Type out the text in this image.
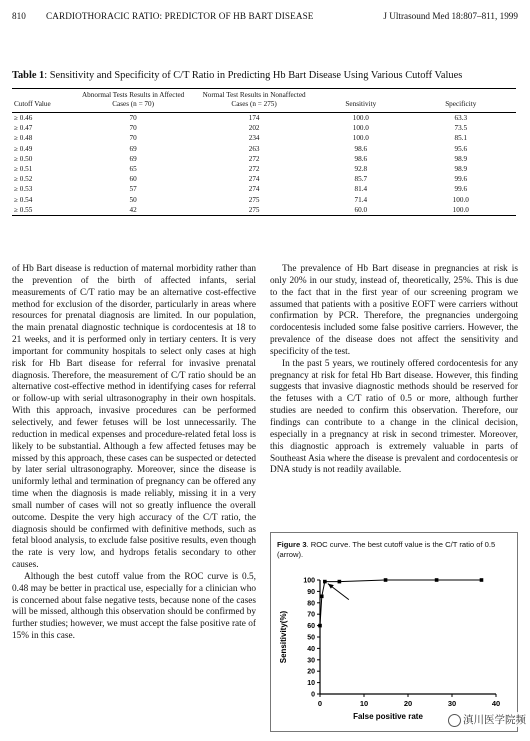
810 CARDIOTHORACIC RATIO: PREDICTOR OF HB BART DISEASE	J Ultrasound Med 18:807–811, 1999
Table 1: Sensitivity and Specificity of C/T Ratio in Predicting Hb Bart Disease Using Various Cutoff Values
Cutoff Value	Abnormal Tests Results in Affected Cases (n = 70)	Normal Test Results in Nonaffected Cases (n = 275)	Sensitivity	Specificity
≥ 0.46	70	174	100.0	63.3
≥ 0.47	70	202	100.0	73.5
≥ 0.48	70	234	100.0	85.1
≥ 0.49	69	263	98.6	95.6
≥ 0.50	69	272	98.6	98.9
≥ 0.51	65	272	92.8	98.9
≥ 0.52	60	274	85.7	99.6
≥ 0.53	57	274	81.4	99.6
≥ 0.54	50	275	71.4	100.0
≥ 0.55	42	275	60.0	100.0

of Hb Bart disease is reduction of maternal morbidity rather than the prevention of the birth of affected infants, serial measurements of C/T ratio may be an alternative cost-effective method for exclusion of the disorder, particularly in areas where resources for prenatal diagnosis are limited. In our population, the main prenatal diagnostic technique is cordocentesis at 18 to 21 weeks, and it is performed only in tertiary centers. It is very important for community hospitals to select only cases at high risk for Hb Bart disease for referral for invasive prenatal diagnosis. Therefore, the measurement of C/T ratio should be an alternative cost-effective method in identifying cases for referral or follow-up with serial ultrasonography in their own hospitals. With this approach, invasive procedures can be performed selectively, and fewer fetuses will be lost unnecessarily. The reduction in medical expenses and procedure-related fetal loss is likely to be substantial. Although a few affected fetuses may be missed by this approach, these cases can be suspected or detected by later serial ultrasonography. Moreover, since the disease is uniformly lethal and termination of pregnancy can be offered any time when the diagnosis is made reliably, missing it in a very small number of cases will not so greatly influence the overall outcome. Despite the very high accuracy of the C/T ratio, the diagnosis should be confirmed with definitive methods, such as fetal blood analysis, to exclude false positive results, even though the rate is very low, and hydrops fetalis secondary to other causes.

Although the best cutoff value from the ROC curve is 0.5, 0.48 may be better in practical use, especially for a clinician who is concerned about false negative tests, because none of the cases will be missed, although this observation should be confirmed by further studies; however, we must accept the false positive rate of 15% in this case.

The prevalence of Hb Bart disease in pregnancies at risk is only 20% in our study, instead of, theoretically, 25%. This is due to the fact that in the first year of our screening program we assumed that patients with a positive EOFT were carriers without confirmation by PCR. Therefore, the pregnancies undergoing cordocentesis included some false positive carriers. However, the prevalence of the disease does not affect the sensitivity and specificity of the test.

In the past 5 years, we routinely offered cordocentesis for any pregnancy at risk for fetal Hb Bart disease. However, this finding suggests that invasive diagnostic methods should be reserved for the fetuses with a C/T ratio of 0.5 or more, although further studies are needed to confirm this observation. Therefore, our findings can contribute to a change in the clinical decision, especially in a pregnancy at risk in second trimester. Moreover, this diagnostic approach is extremely valuable in parts of Southeast Asia where the disease is prevalent and cordocentesis or DNA study is not readily available.

Figure 3. ROC curve. The best cutoff value is the C/T ratio of 0.5 (arrow).
0
10
20
30
40
50
60
70
80
90
100
0	10	20	30	40
Sensitivity(%)
False positive rate	滇川医学院频
